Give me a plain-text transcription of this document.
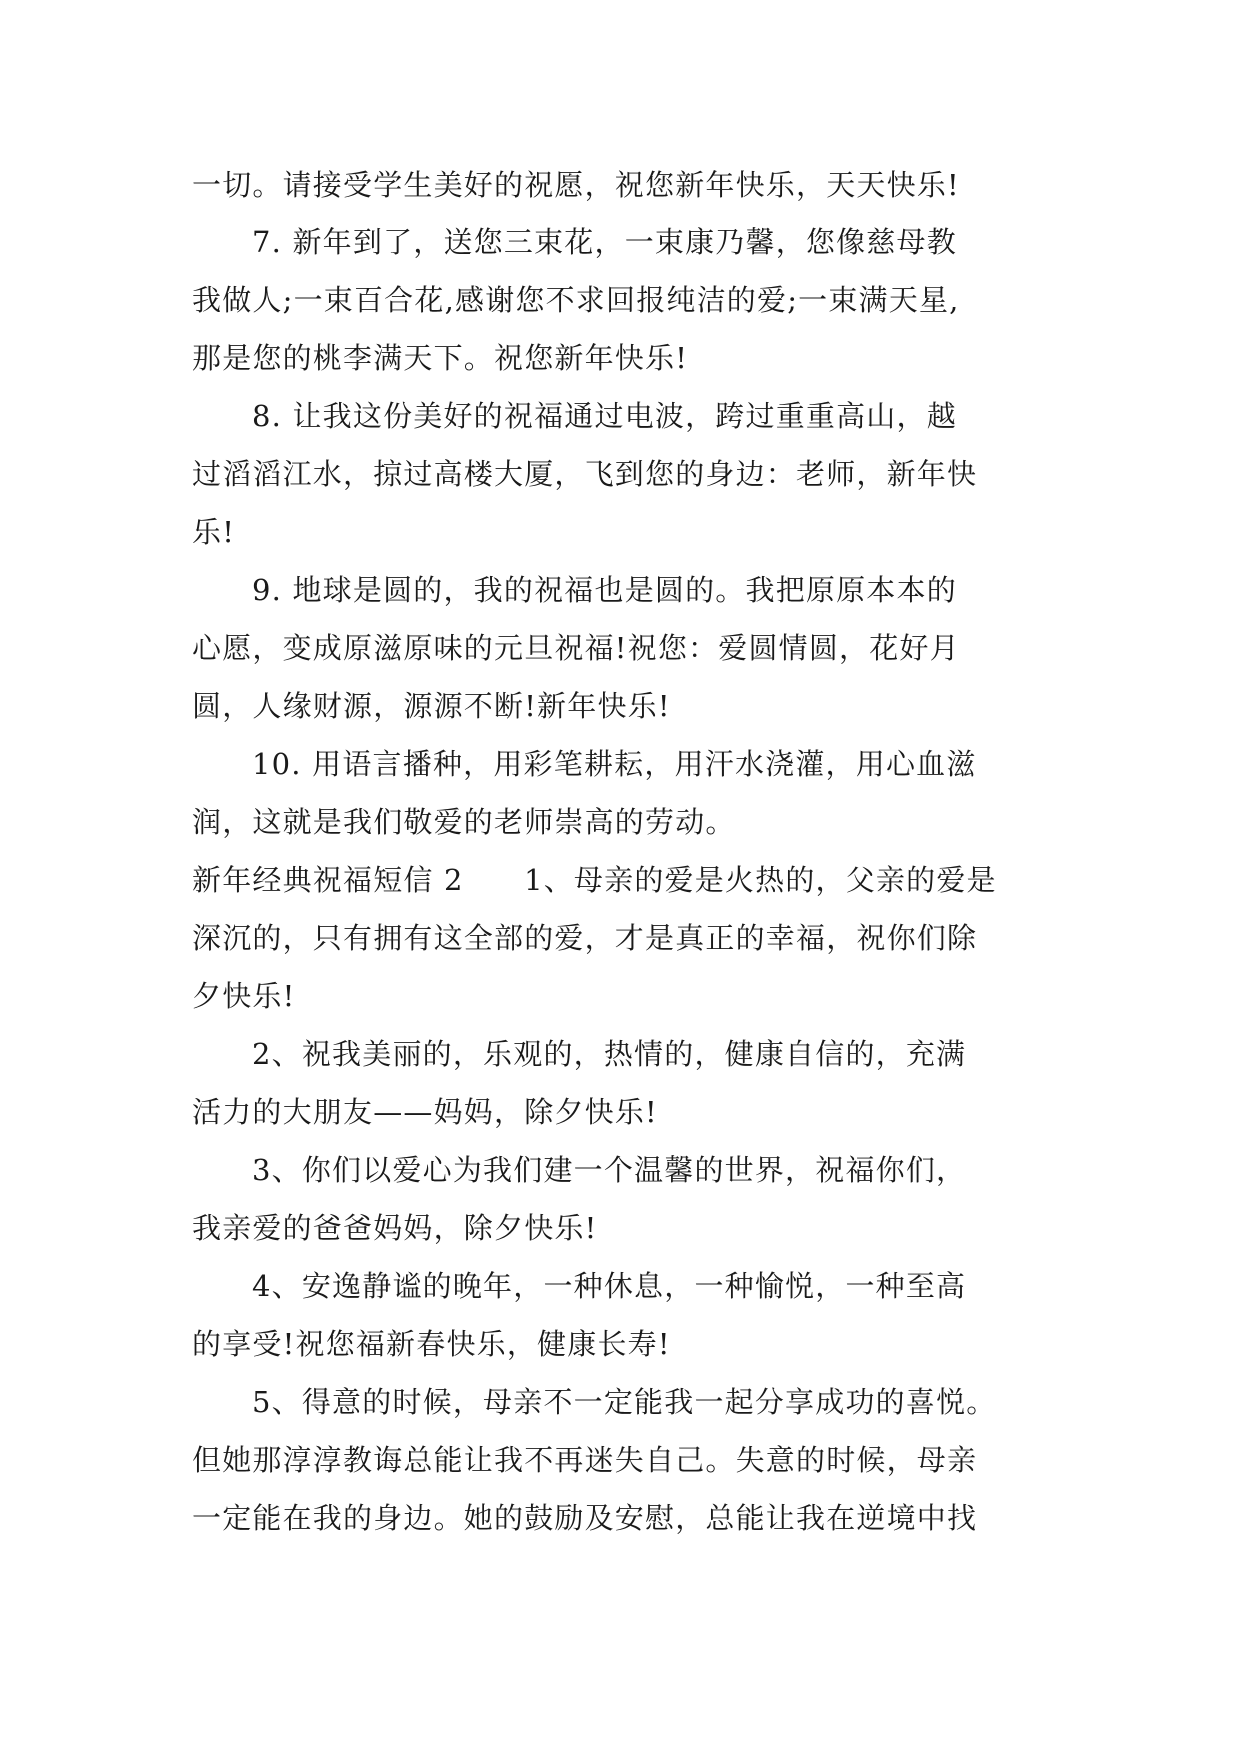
一切。请接受学生美好的祝愿，祝您新年快乐，天天快乐!
7. 新年到了，送您三束花，一束康乃馨，您像慈母教
我做人;一束百合花,感谢您不求回报纯洁的爱;一束满天星,
那是您的桃李满天下。祝您新年快乐!
8. 让我这份美好的祝福通过电波，跨过重重高山，越
过滔滔江水，掠过高楼大厦，飞到您的身边：老师，新年快
乐!
9. 地球是圆的，我的祝福也是圆的。我把原原本本的
心愿，变成原滋原味的元旦祝福!祝您：爱圆情圆，花好月
圆，人缘财源，源源不断!新年快乐!
10. 用语言播种，用彩笔耕耘，用汗水浇灌，用心血滋
润，这就是我们敬爱的老师崇高的劳动。
新年经典祝福短信 2　　1、母亲的爱是火热的，父亲的爱是
深沉的，只有拥有这全部的爱，才是真正的幸福，祝你们除
夕快乐!
2、祝我美丽的，乐观的，热情的，健康自信的，充满
活力的大朋友——妈妈，除夕快乐!
3、你们以爱心为我们建一个温馨的世界，祝福你们，
我亲爱的爸爸妈妈，除夕快乐!
4、安逸静谧的晚年，一种休息，一种愉悦，一种至高
的享受!祝您福新春快乐，健康长寿!
5、得意的时候，母亲不一定能我一起分享成功的喜悦。
但她那淳淳教诲总能让我不再迷失自己。失意的时候，母亲
一定能在我的身边。她的鼓励及安慰，总能让我在逆境中找
